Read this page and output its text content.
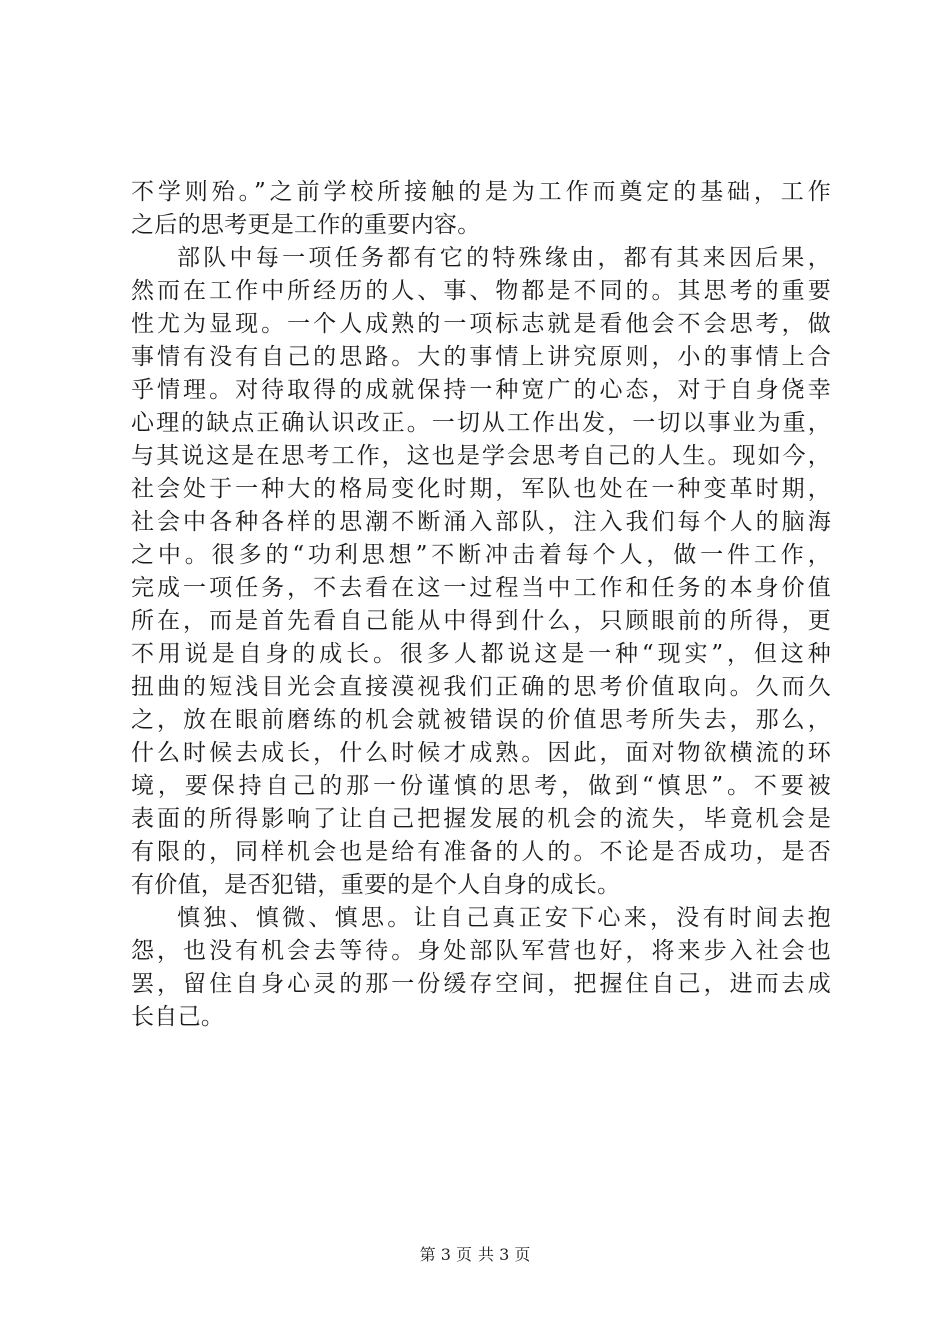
不学则殆。”之前学校所接触的是为工作而奠定的基础，工作
之后的思考更是工作的重要内容。
部队中每一项任务都有它的特殊缘由，都有其来因后果，
然而在工作中所经历的人、事、物都是不同的。其思考的重要
性尤为显现。一个人成熟的一项标志就是看他会不会思考，做
事情有没有自己的思路。大的事情上讲究原则，小的事情上合
乎情理。对待取得的成就保持一种宽广的心态，对于自身侥幸
心理的缺点正确认识改正。一切从工作出发，一切以事业为重，
与其说这是在思考工作，这也是学会思考自己的人生。现如今，
社会处于一种大的格局变化时期，军队也处在一种变革时期，
社会中各种各样的思潮不断涌入部队，注入我们每个人的脑海
之中。很多的“功利思想”不断冲击着每个人，做一件工作，
完成一项任务，不去看在这一过程当中工作和任务的本身价值
所在，而是首先看自己能从中得到什么，只顾眼前的所得，更
不用说是自身的成长。很多人都说这是一种“现实”，但这种
扭曲的短浅目光会直接漠视我们正确的思考价值取向。久而久
之，放在眼前磨练的机会就被错误的价值思考所失去，那么，
什么时候去成长，什么时候才成熟。因此，面对物欲横流的环
境，要保持自己的那一份谨慎的思考，做到“慎思”。不要被
表面的所得影响了让自己把握发展的机会的流失，毕竟机会是
有限的，同样机会也是给有准备的人的。不论是否成功，是否
有价值，是否犯错，重要的是个人自身的成长。
慎独、慎微、慎思。让自己真正安下心来，没有时间去抱
怨，也没有机会去等待。身处部队军营也好，将来步入社会也
罢，留住自身心灵的那一份缓存空间，把握住自己，进而去成
长自己。
第 3 页 共 3 页
